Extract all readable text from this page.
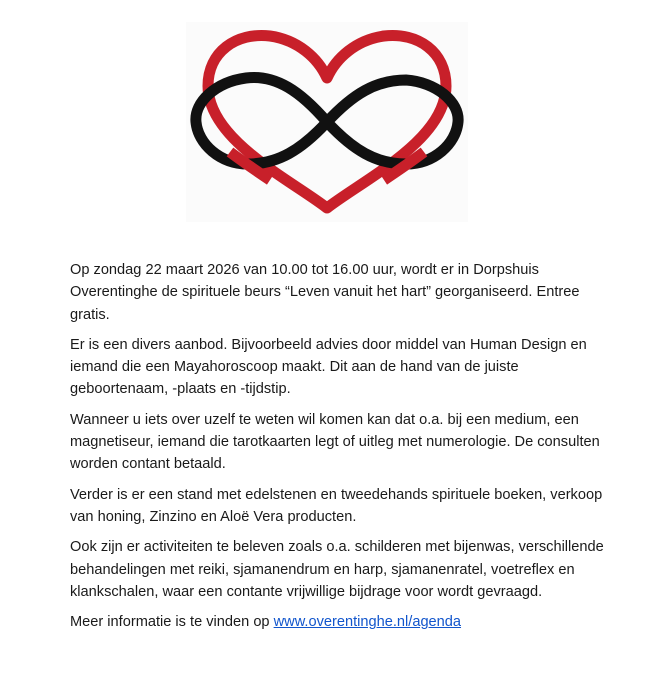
Op zondag 22 maart 2026 van 10.00 tot 16.00 uur, wordt er in Dorpshuis Overentinghe de spirituele beurs “Leven vanuit het hart” georganiseerd. Entree gratis.

Er is een divers aanbod. Bijvoorbeeld advies door middel van Human Design en iemand die een Mayahoroscoop maakt. Dit aan de hand van de juiste geboortenaam, -plaats en -tijdstip.

Wanneer u iets over uzelf te weten wil komen kan dat o.a. bij een medium, een magnetiseur, iemand die tarotkaarten legt of uitleg met numerologie. De consulten worden contant betaald.

Verder is er een stand met edelstenen en tweedehands spirituele boeken, verkoop van honing, Zinzino en Aloë Vera producten.

Ook zijn er activiteiten te beleven zoals o.a. schilderen met bijenwas, verschillende behandelingen met reiki, sjamanendrum en harp, sjamanenratel, voetreflex en klankschalen, waar een contante vrijwillige bijdrage voor wordt gevraagd.

Meer informatie is te vinden op www.overentinghe.nl/agenda
